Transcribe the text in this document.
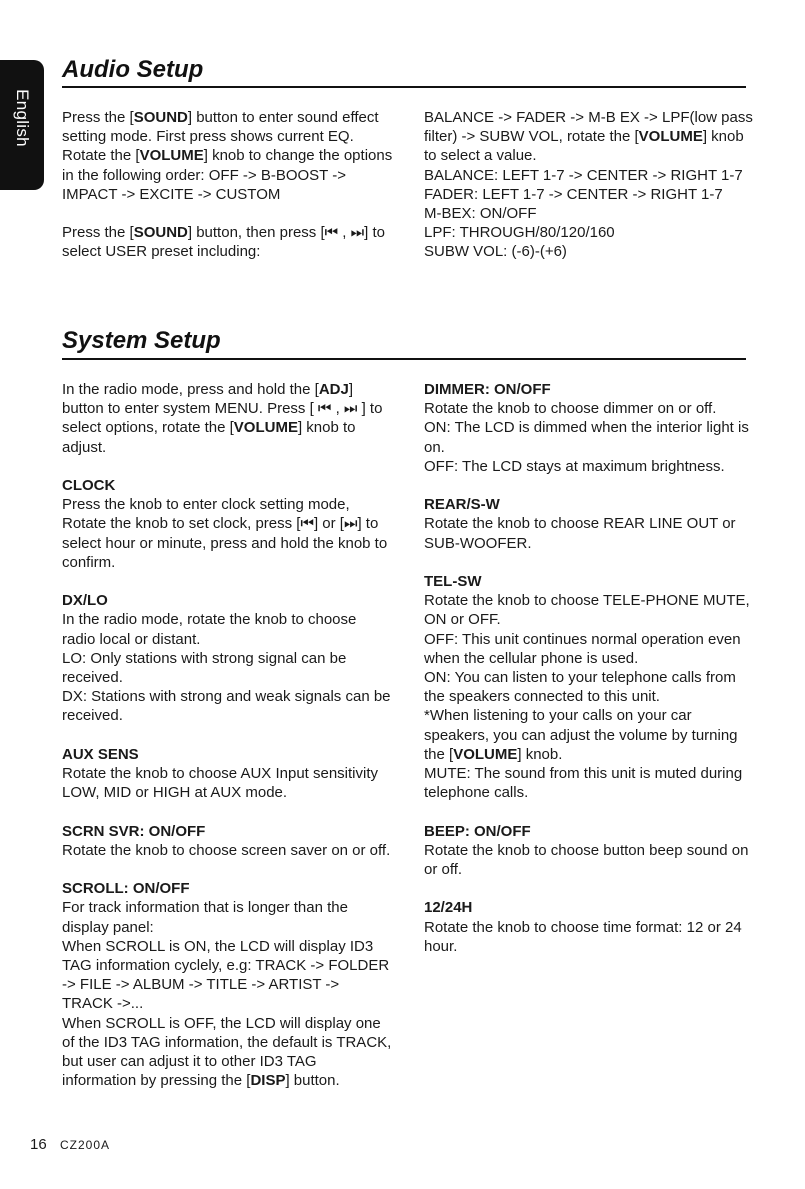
English
Audio Setup

Press the [SOUND] button to enter sound effect setting mode. First press shows current EQ. Rotate the [VOLUME] knob to change the options in the following order: OFF -> B-BOOST -> IMPACT -> EXCITE -> CUSTOM

Press the [SOUND] button, then press [⏮ , ⏭] to select USER preset including:

BALANCE -> FADER -> M-B EX -> LPF(low pass filter) -> SUBW VOL, rotate the [VOLUME] knob to select a value.

BALANCE: LEFT 1-7 -> CENTER -> RIGHT 1-7

FADER: LEFT 1-7 -> CENTER -> RIGHT 1-7

M-BEX: ON/OFF

LPF: THROUGH/80/120/160

SUBW VOL: (-6)-(+6)

System Setup

In the radio mode, press and hold the [ADJ] button to enter system MENU. Press [ ⏮ , ⏭ ] to select options, rotate the [VOLUME] knob to adjust.

CLOCK

Press the knob to enter clock setting mode, Rotate the knob to set clock, press [⏮] or [⏭] to select hour or minute, press and hold the knob to confirm.

DX/LO

In the radio mode, rotate the knob to choose radio local or distant.

LO: Only stations with strong signal can be received.

DX: Stations with strong and weak signals can be received.

AUX SENS

Rotate the knob to choose AUX Input sensitivity LOW, MID or HIGH at AUX mode.

SCRN SVR: ON/OFF

Rotate the knob to choose screen saver on or off.

SCROLL: ON/OFF

For track information that is longer than the display panel:

When SCROLL is ON, the LCD will display ID3 TAG information cyclely, e.g: TRACK -> FOLDER -> FILE -> ALBUM -> TITLE -> ARTIST -> TRACK ->...

When SCROLL is OFF, the LCD will display one of the ID3 TAG information, the default is TRACK, but user can adjust it to other ID3 TAG information by pressing the [DISP] button.

DIMMER: ON/OFF

Rotate the knob to choose dimmer on or off.

ON: The LCD is dimmed when the interior light is on.

OFF: The LCD stays at maximum brightness.

REAR/S-W

Rotate the knob to choose REAR LINE OUT or SUB-WOOFER.

TEL-SW

Rotate the knob to choose TELE-PHONE MUTE, ON or OFF.

OFF: This unit continues normal operation even when the cellular phone is used.

ON: You can listen to your telephone calls from the speakers connected to this unit.

*When listening to your calls on your car speakers, you can adjust the volume by turning the [VOLUME] knob.

MUTE: The sound from this unit is muted during telephone calls.

BEEP: ON/OFF

Rotate the knob to choose button beep sound on or off.

12/24H

Rotate the knob to choose time format: 12 or 24 hour.

16 CZ200A
